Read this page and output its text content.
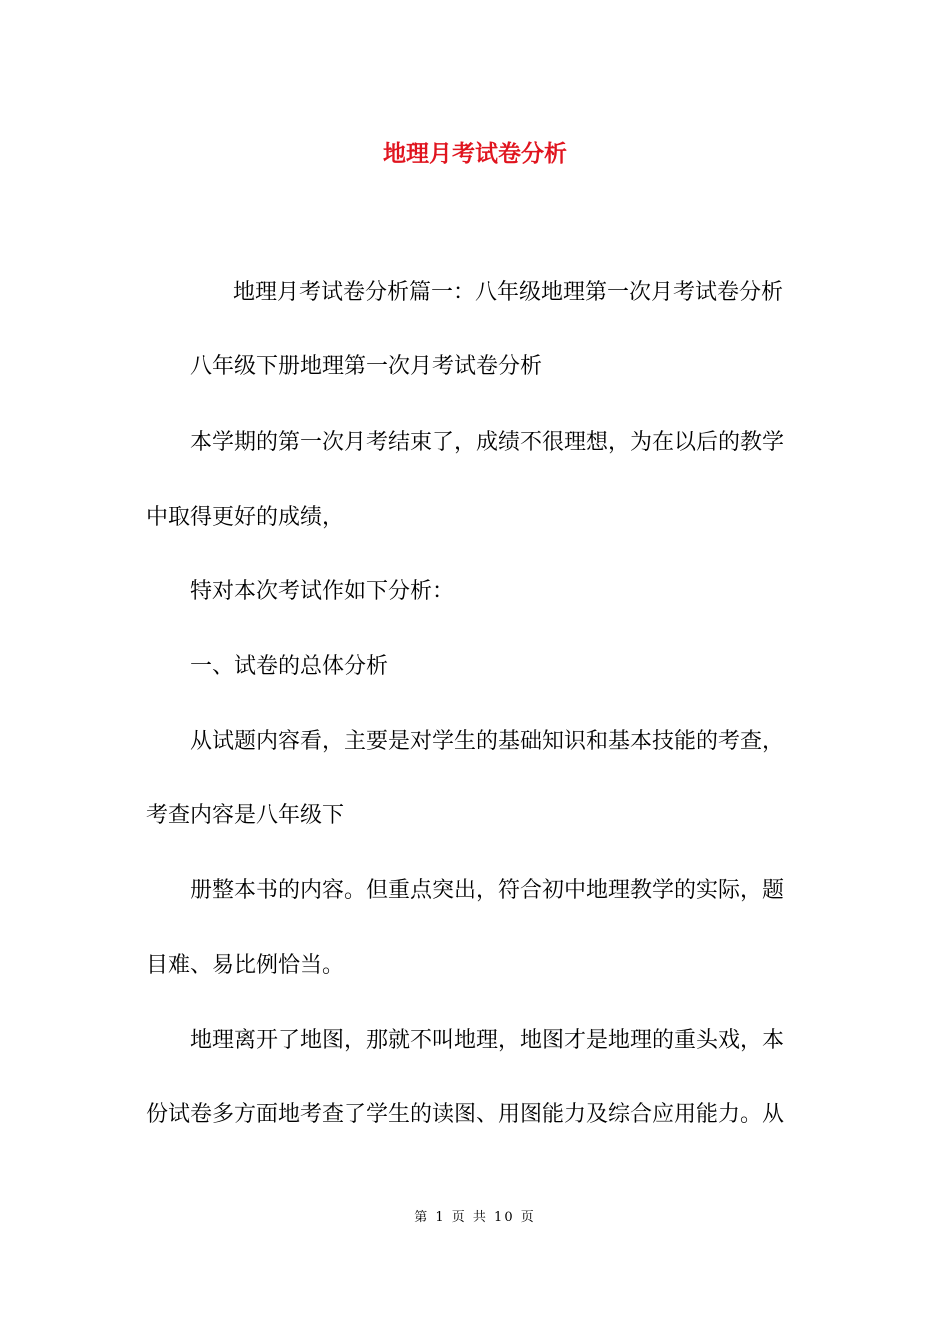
地理月考试卷分析
地理月考试卷分析篇一：八年级地理第一次月考试卷分析
八年级下册地理第一次月考试卷分析
本学期的第一次月考结束了，成绩不很理想，为在以后的教学
中取得更好的成绩，
特对本次考试作如下分析：
一、试卷的总体分析
从试题内容看，主要是对学生的基础知识和基本技能的考查，
考查内容是八年级下
册整本书的内容。但重点突出，符合初中地理教学的实际，题
目难、易比例恰当。
地理离开了地图，那就不叫地理，地图才是地理的重头戏，本
份试卷多方面地考查了学生的读图、用图能力及综合应用能力。从
第 1 页 共 10 页
